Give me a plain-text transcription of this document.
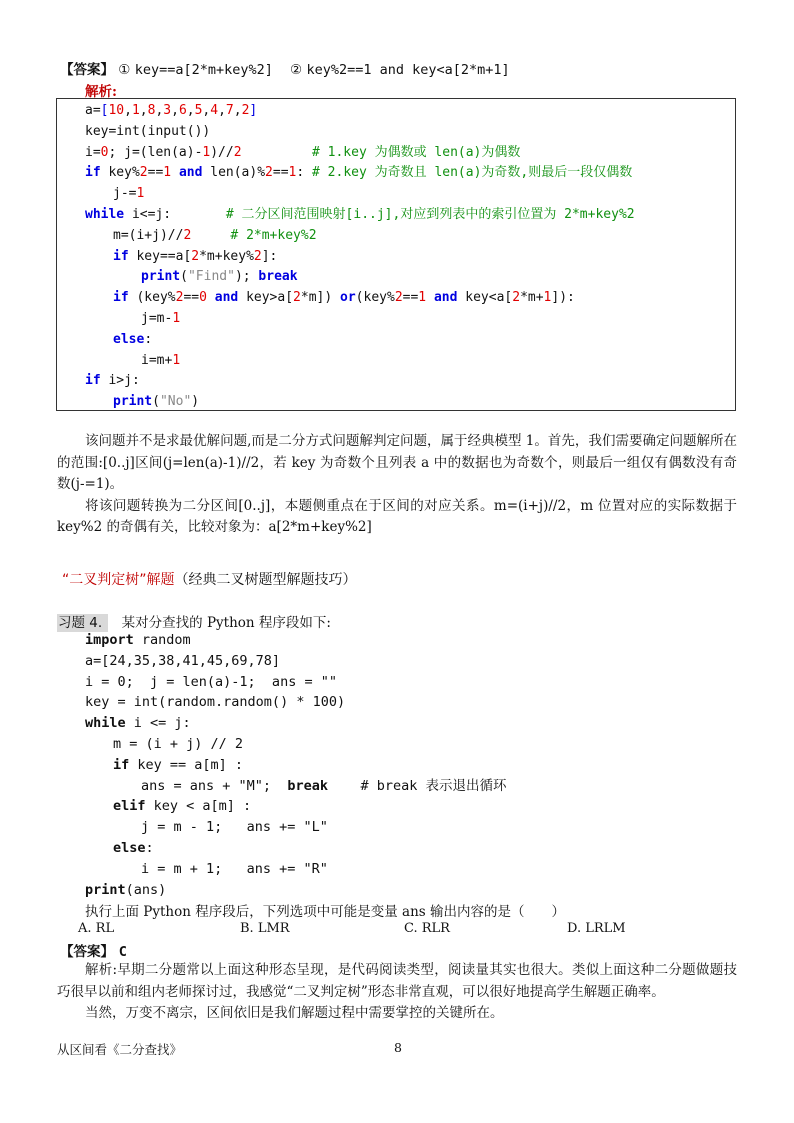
【答案】 ① key==a[2*m+key%2] ② key%2==1 and key<a[2*m+1]
解析:
a=[10,1,8,3,6,5,4,7,2]
key=int(input())
i=0; j=(len(a)-1)//2         # 1.key 为偶数或 len(a)为偶数
if key%2==1 and len(a)%2==1: # 2.key 为奇数且 len(a)为奇数,则最后一段仅偶数
j-=1
while i<=j:       # 二分区间范围映射[i..j],对应到列表中的索引位置为 2*m+key%2
m=(i+j)//2	# 2*m+key%2
if key==a[2*m+key%2]:
print("Find"); break
if (key%2==0 and key>a[2*m]) or(key%2==1 and key<a[2*m+1]):
j=m-1
else:
i=m+1
if i>j:
print("No")

该问题并不是求最优解问题,而是二分方式问题解判定问题，属于经典模型 1。首先，我们需要确定问题解所在的范围:[0..j]区间(j=len(a)-1)//2，若 key 为奇数个且列表 a 中的数据也为奇数个，则最后一组仅有偶数没有奇数(j-=1)。

将该问题转换为二分区间[0..j]，本题侧重点在于区间的对应关系。m=(i+j)//2，m 位置对应的实际数据于 key%2 的奇偶有关，比较对象为：a[2*m+key%2]

“二叉判定树”解题（经典二叉树题型解题技巧）
习题 4.　 某对分查找的 Python 程序段如下:
import random
a=[24,35,38,41,45,69,78]
i = 0;  j = len(a)-1;  ans = ""
key = int(random.random() * 100)
while i <= j:
m = (i + j) // 2
if key == a[m] :
ans = ans + "M";  break    # break 表示退出循环
elif key < a[m] :
j = m - 1;   ans += "L"
else:
i = m + 1;   ans += "R"
print(ans)
执行上面 Python 程序段后，下列选项中可能是变量 ans 输出内容的是（　　）
A. RL	B. LMR	C. RLR	D. LRLM
【答案】 C

解析:早期二分题常以上面这种形态呈现，是代码阅读类型，阅读量其实也很大。类似上面这种二分题做题技巧很早以前和组内老师探讨过，我感觉“二叉判定树”形态非常直观，可以很好地提高学生解题正确率。

当然，万变不离宗，区间依旧是我们解题过程中需要掌控的关键所在。

从区间看《二分查找》	8
